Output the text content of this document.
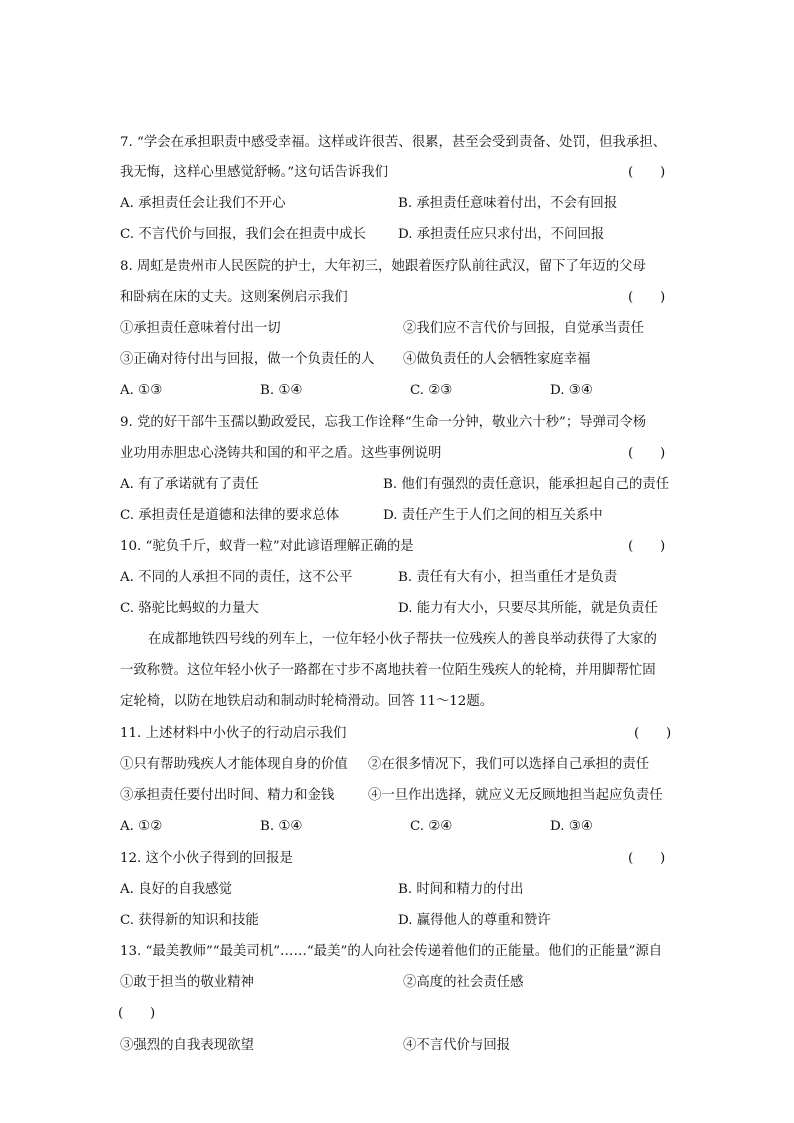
7. “学会在承担职责中感受幸福。这样或许很苦、很累，甚至会受到责备、处罚，但我承担、
我无悔，这样心里感觉舒畅。”这句话告诉我们	(　　)
A. 承担责任会让我们不开心	B. 承担责任意味着付出，不会有回报
C. 不言代价与回报，我们会在担责中成长 D. 承担责任应只求付出，不问回报
8. 周虹是贵州市人民医院的护士，大年初三，她跟着医疗队前往武汉，留下了年迈的父母
和卧病在床的丈夫。这则案例启示我们	(　　)
①承担责任意味着付出一切	②我们应不言代价与回报，自觉承当责任
③正确对待付出与回报，做一个负责任的人 ④做负责任的人会牺牲家庭幸福
A. ①③	B. ①④	C. ②③	D. ③④
9. 党的好干部牛玉孺以勤政爱民，忘我工作诠释“生命一分钟，敬业六十秒”；导弹司令杨
业功用赤胆忠心浇铸共和国的和平之盾。这些事例说明	(　　)
A. 有了承诺就有了责任	B. 他们有强烈的责任意识，能承担起自己的责任
C. 承担责任是道德和法律的要求总体	D. 责任产生于人们之间的相互关系中
10. “驼负千斤，蚁背一粒”对此谚语理解正确的是	(　　)
A. 不同的人承担不同的责任，这不公平	B. 责任有大有小，担当重任才是负责
C. 骆驼比蚂蚁的力量大	D. 能力有大小，只要尽其所能，就是负责任
在成都地铁四号线的列车上，一位年轻小伙子帮扶一位残疾人的善良举动获得了大家的
一致称赞。这位年轻小伙子一路都在寸步不离地扶着一位陌生残疾人的轮椅，并用脚帮忙固
定轮椅，以防在地铁启动和制动时轮椅滑动。回答 11～12题。
11. 上述材料中小伙子的行动启示我们	(　　)
①只有帮助残疾人才能体现自身的价值 ②在很多情况下，我们可以选择自己承担的责任
③承担责任要付出时间、精力和金钱	④一旦作出选择，就应义无反顾地担当起应负责任
A. ①②	B. ①④	C. ②④	D. ③④
12. 这个小伙子得到的回报是	(　　)
A. 良好的自我感觉	B. 时间和精力的付出
C. 获得新的知识和技能	D. 赢得他人的尊重和赞许
13. “最美教师”“最美司机”……“最美”的人向社会传递着他们的正能量。他们的正能量”源自
①敢于担当的敬业精神	②高度的社会责任感
(　　)
③强烈的自我表现欲望	④不言代价与回报
